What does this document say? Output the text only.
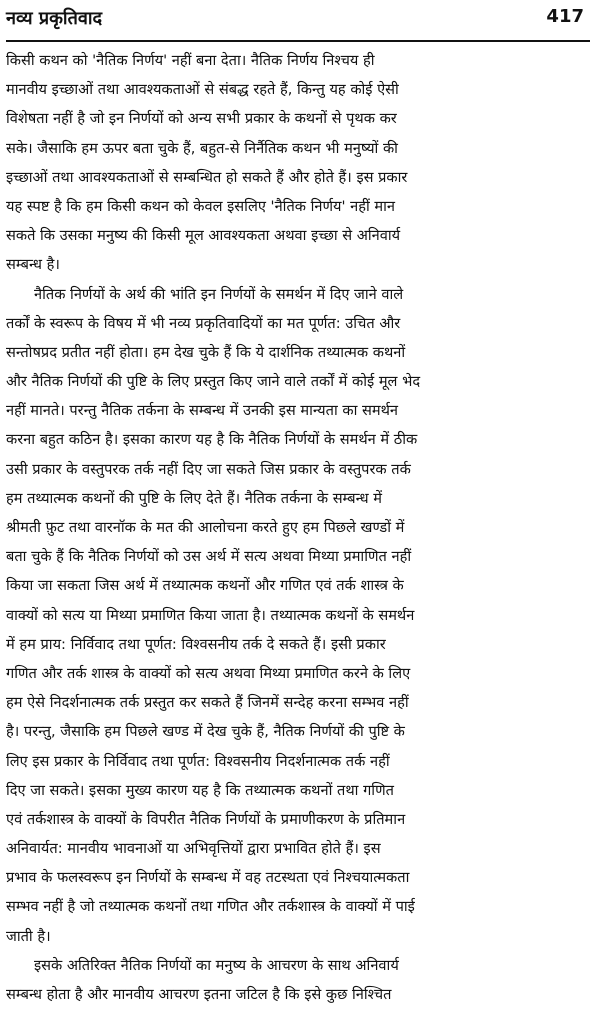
नव्य प्रकृतिवाद	417
किसी कथन को 'नैतिक निर्णय' नहीं बना देता। नैतिक निर्णय निश्चय ही
मानवीय इच्छाओं तथा आवश्यकताओं से संबद्ध रहते हैं, किन्तु यह कोई ऐसी
विशेषता नहीं है जो इन निर्णयों को अन्य सभी प्रकार के कथनों से पृथक कर
सके। जैसाकि हम ऊपर बता चुके हैं, बहुत-से निर्नैतिक कथन भी मनुष्यों की
इच्छाओं तथा आवश्यकताओं से सम्बन्धित हो सकते हैं और होते हैं। इस प्रकार
यह स्पष्ट है कि हम किसी कथन को केवल इसलिए 'नैतिक निर्णय' नहीं मान
सकते कि उसका मनुष्य की किसी मूल आवश्यकता अथवा इच्छा से अनिवार्य
सम्बन्ध है।
नैतिक निर्णयों के अर्थ की भांति इन निर्णयों के समर्थन में दिए जाने वाले
तर्कों के स्वरूप के विषय में भी नव्य प्रकृतिवादियों का मत पूर्णत: उचित और
सन्तोषप्रद प्रतीत नहीं होता। हम देख चुके हैं कि ये दार्शनिक तथ्यात्मक कथनों
और नैतिक निर्णयों की पुष्टि के लिए प्रस्तुत किए जाने वाले तर्कों में कोई मूल भेद
नहीं मानते। परन्तु नैतिक तर्कना के सम्बन्ध में उनकी इस मान्यता का समर्थन
करना बहुत कठिन है। इसका कारण यह है कि नैतिक निर्णयों के समर्थन में ठीक
उसी प्रकार के वस्तुपरक तर्क नहीं दिए जा सकते जिस प्रकार के वस्तुपरक तर्क
हम तथ्यात्मक कथनों की पुष्टि के लिए देते हैं। नैतिक तर्कना के सम्बन्ध में
श्रीमती फ़ुट तथा वारनॉक के मत की आलोचना करते हुए हम पिछले खण्डों में
बता चुके हैं कि नैतिक निर्णयों को उस अर्थ में सत्य अथवा मिथ्या प्रमाणित नहीं
किया जा सकता जिस अर्थ में तथ्यात्मक कथनों और गणित एवं तर्क शास्त्र के
वाक्यों को सत्य या मिथ्या प्रमाणित किया जाता है। तथ्यात्मक कथनों के समर्थन
में हम प्राय: निर्विवाद तथा पूर्णत: विश्वसनीय तर्क दे सकते हैं। इसी प्रकार
गणित और तर्क शास्त्र के वाक्यों को सत्य अथवा मिथ्या प्रमाणित करने के लिए
हम ऐसे निदर्शनात्मक तर्क प्रस्तुत कर सकते हैं जिनमें सन्देह करना सम्भव नहीं
है। परन्तु, जैसाकि हम पिछले खण्ड में देख चुके हैं, नैतिक निर्णयों की पुष्टि के
लिए इस प्रकार के निर्विवाद तथा पूर्णत: विश्वसनीय निदर्शनात्मक तर्क नहीं
दिए जा सकते। इसका मुख्य कारण यह है कि तथ्यात्मक कथनों तथा गणित
एवं तर्कशास्त्र के वाक्यों के विपरीत नैतिक निर्णयों के प्रमाणीकरण के प्रतिमान
अनिवार्यत: मानवीय भावनाओं या अभिवृत्तियों द्वारा प्रभावित होते हैं। इस
प्रभाव के फलस्वरूप इन निर्णयों के सम्बन्ध में वह तटस्थता एवं निश्चयात्मकता
सम्भव नहीं है जो तथ्यात्मक कथनों तथा गणित और तर्कशास्त्र के वाक्यों में पाई
जाती है।
इसके अतिरिक्त नैतिक निर्णयों का मनुष्य के आचरण के साथ अनिवार्य
सम्बन्ध होता है और मानवीय आचरण इतना जटिल है कि इसे कुछ निश्चित
